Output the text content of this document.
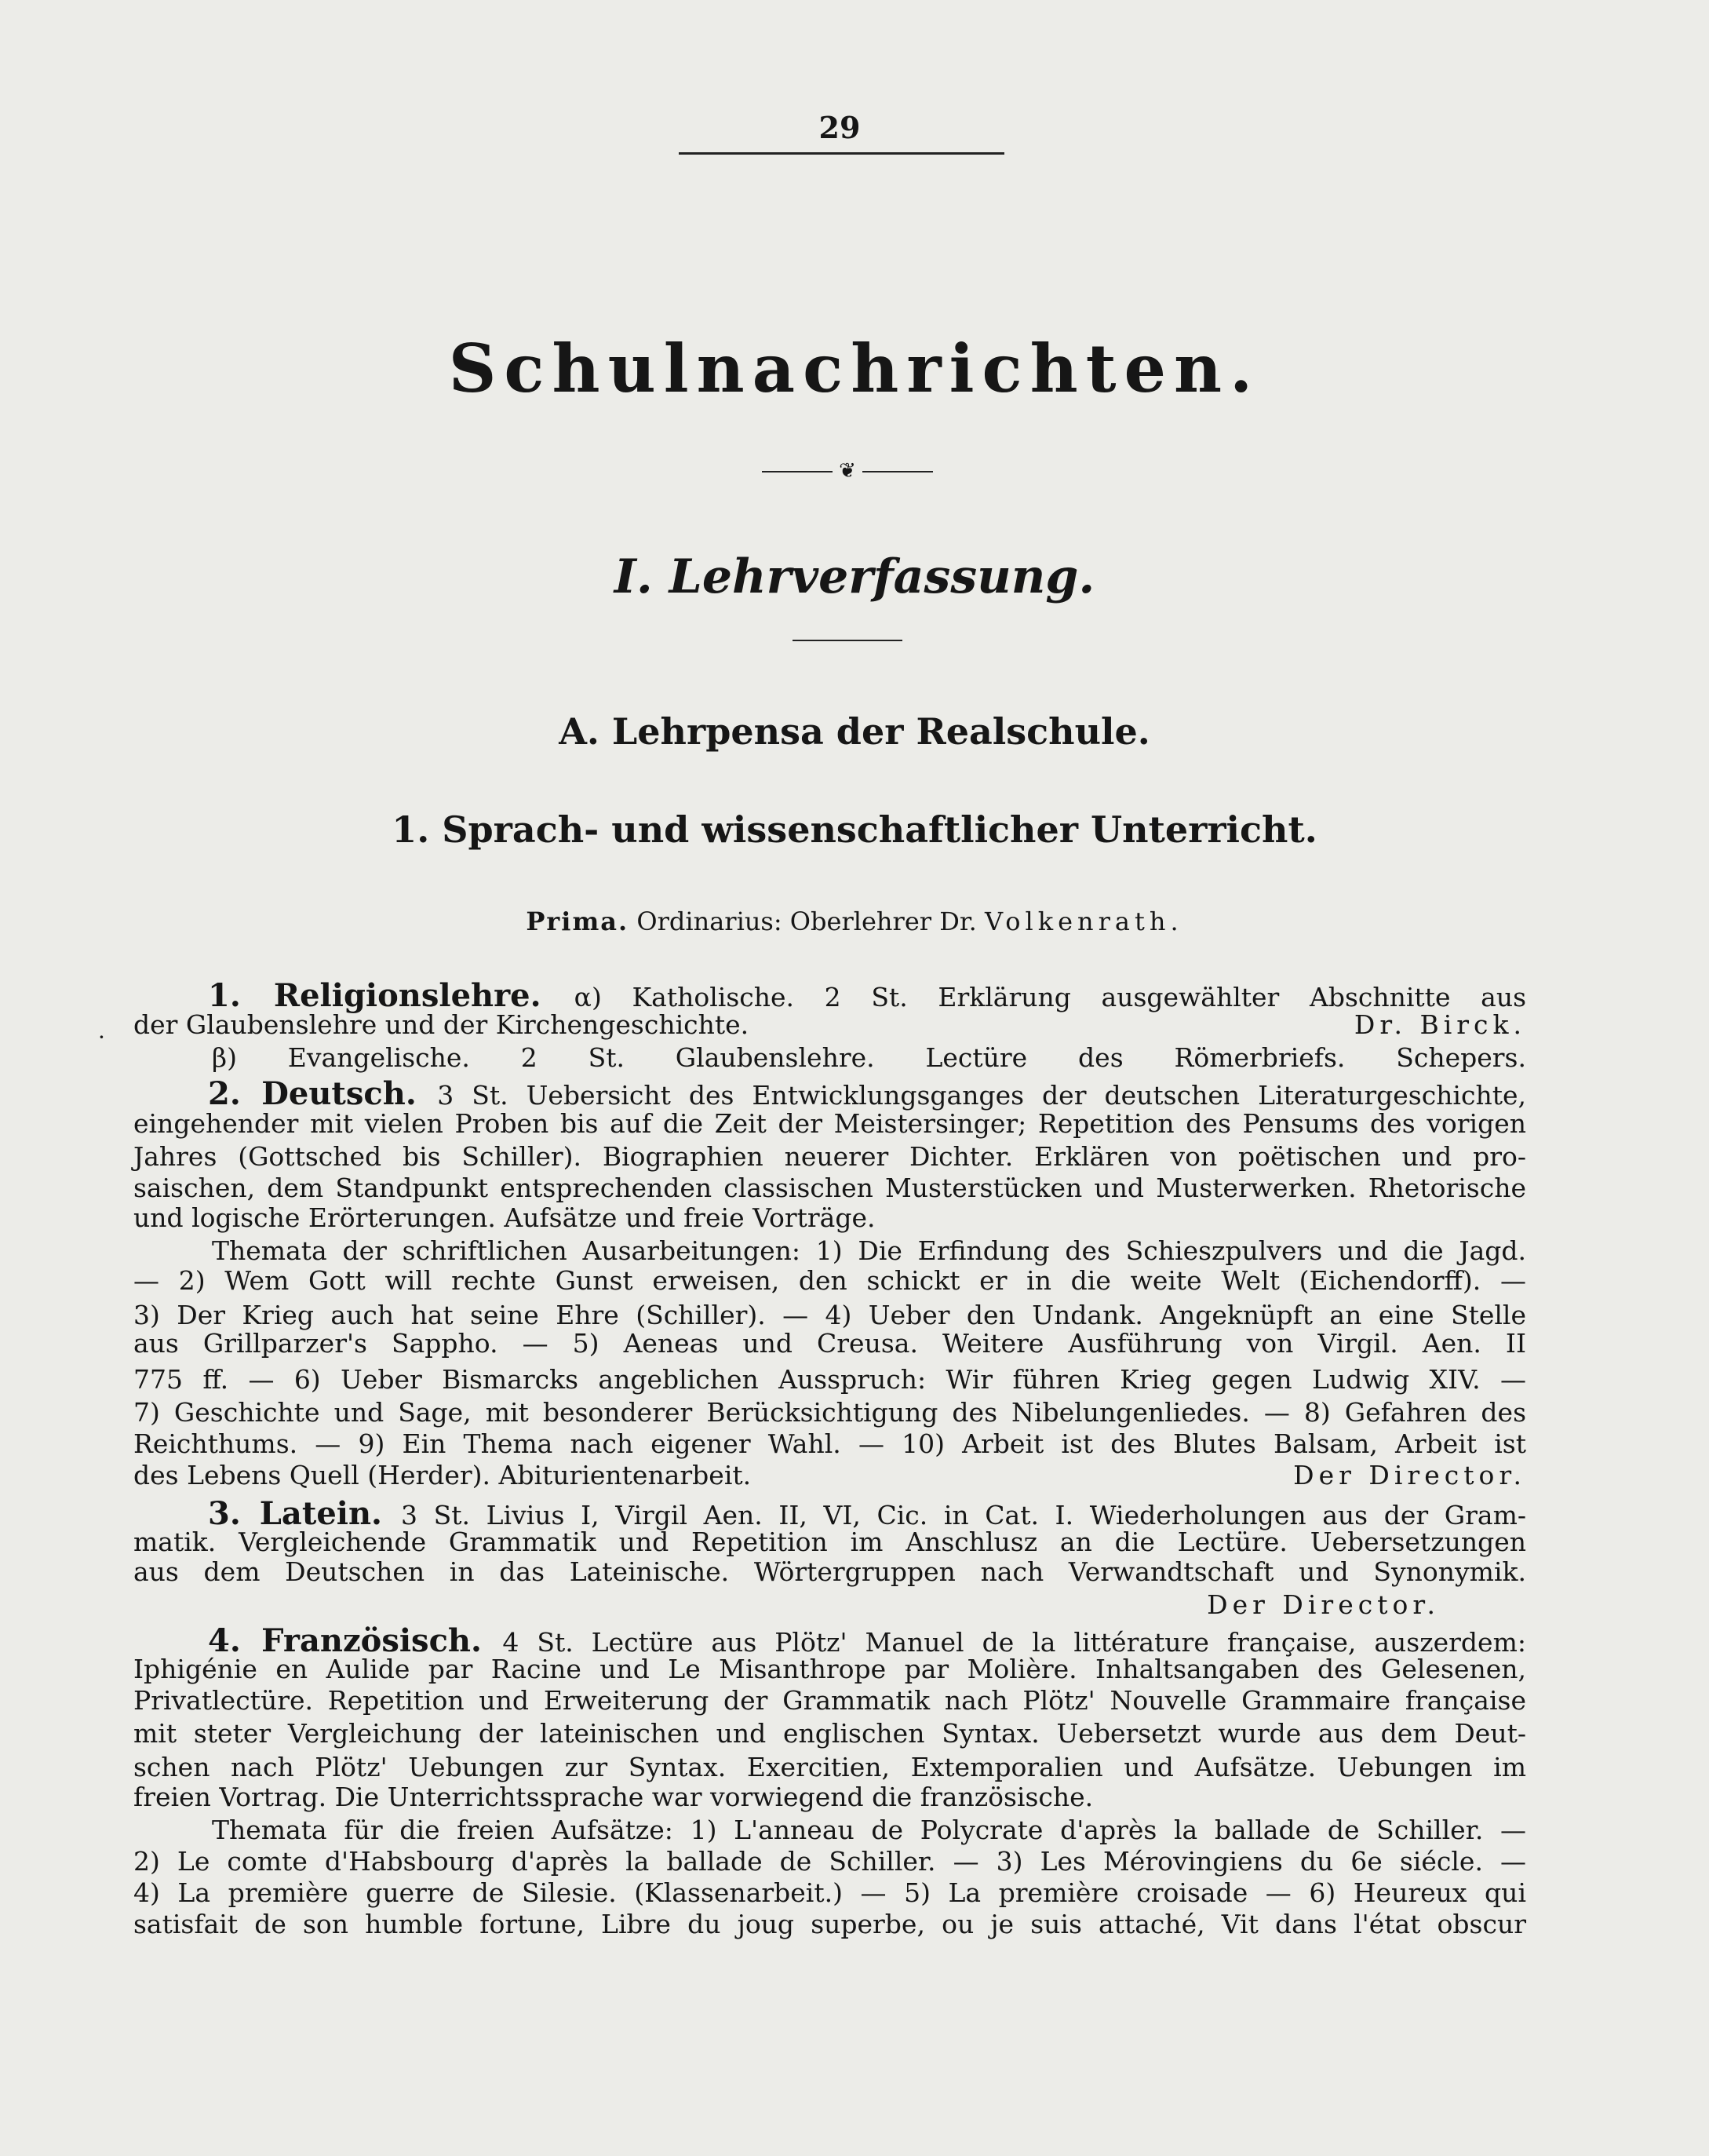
29
Schulnachrichten.
❦
I. Lehrverfassung.
A. Lehrpensa der Realschule.
1. Sprach- und wissenschaftlicher Unterricht.
Prima. Ordinarius: Oberlehrer Dr. Volkenrath.
·
1. Religionslehre. α) Katholische. 2 St. Erklärung ausgewählter Abschnitte aus
der Glaubenslehre und der Kirchengeschichte.	Dr. Birck.
β) Evangelische. 2 St. Glaubenslehre. Lectüre des Römerbriefs. Schepers.
2. Deutsch. 3 St. Uebersicht des Entwicklungsganges der deutschen Literaturgeschichte,
eingehender mit vielen Proben bis auf die Zeit der Meistersinger; Repetition des Pensums des vorigen
Jahres (Gottsched bis Schiller). Biographien neuerer Dichter. Erklären von poëtischen und pro-
saischen, dem Standpunkt entsprechenden classischen Musterstücken und Musterwerken. Rhetorische
und logische Erörterungen. Aufsätze und freie Vorträge.
Themata der schriftlichen Ausarbeitungen: 1) Die Erfindung des Schieszpulvers und die Jagd.
— 2) Wem Gott will rechte Gunst erweisen, den schickt er in die weite Welt (Eichendorff). —
3) Der Krieg auch hat seine Ehre (Schiller). — 4) Ueber den Undank. Angeknüpft an eine Stelle
aus Grillparzer's Sappho. — 5) Aeneas und Creusa. Weitere Ausführung von Virgil. Aen. II
775 ff. — 6) Ueber Bismarcks angeblichen Ausspruch: Wir führen Krieg gegen Ludwig XIV. —
7) Geschichte und Sage, mit besonderer Berücksichtigung des Nibelungenliedes. — 8) Gefahren des
Reichthums. — 9) Ein Thema nach eigener Wahl. — 10) Arbeit ist des Blutes Balsam, Arbeit ist
des Lebens Quell (Herder). Abiturientenarbeit.	Der Director.
3. Latein. 3 St. Livius I, Virgil Aen. II, VI, Cic. in Cat. I. Wiederholungen aus der Gram-
matik. Vergleichende Grammatik und Repetition im Anschlusz an die Lectüre. Uebersetzungen
aus dem Deutschen in das Lateinische. Wörtergruppen nach Verwandtschaft und Synonymik.
Der Director.
4. Französisch. 4 St. Lectüre aus Plötz' Manuel de la littérature française, auszerdem:
Iphigénie en Aulide par Racine und Le Misanthrope par Molière. Inhaltsangaben des Gelesenen,
Privatlectüre. Repetition und Erweiterung der Grammatik nach Plötz' Nouvelle Grammaire française
mit steter Vergleichung der lateinischen und englischen Syntax. Uebersetzt wurde aus dem Deut-
schen nach Plötz' Uebungen zur Syntax. Exercitien, Extemporalien und Aufsätze. Uebungen im
freien Vortrag. Die Unterrichtssprache war vorwiegend die französische.
Themata für die freien Aufsätze: 1) L'anneau de Polycrate d'après la ballade de Schiller. —
2) Le comte d'Habsbourg d'après la ballade de Schiller. — 3) Les Mérovingiens du 6e siécle. —
4) La première guerre de Silesie. (Klassenarbeit.) — 5) La première croisade — 6) Heureux qui
satisfait de son humble fortune, Libre du joug superbe, ou je suis attaché, Vit dans l'état obscur
